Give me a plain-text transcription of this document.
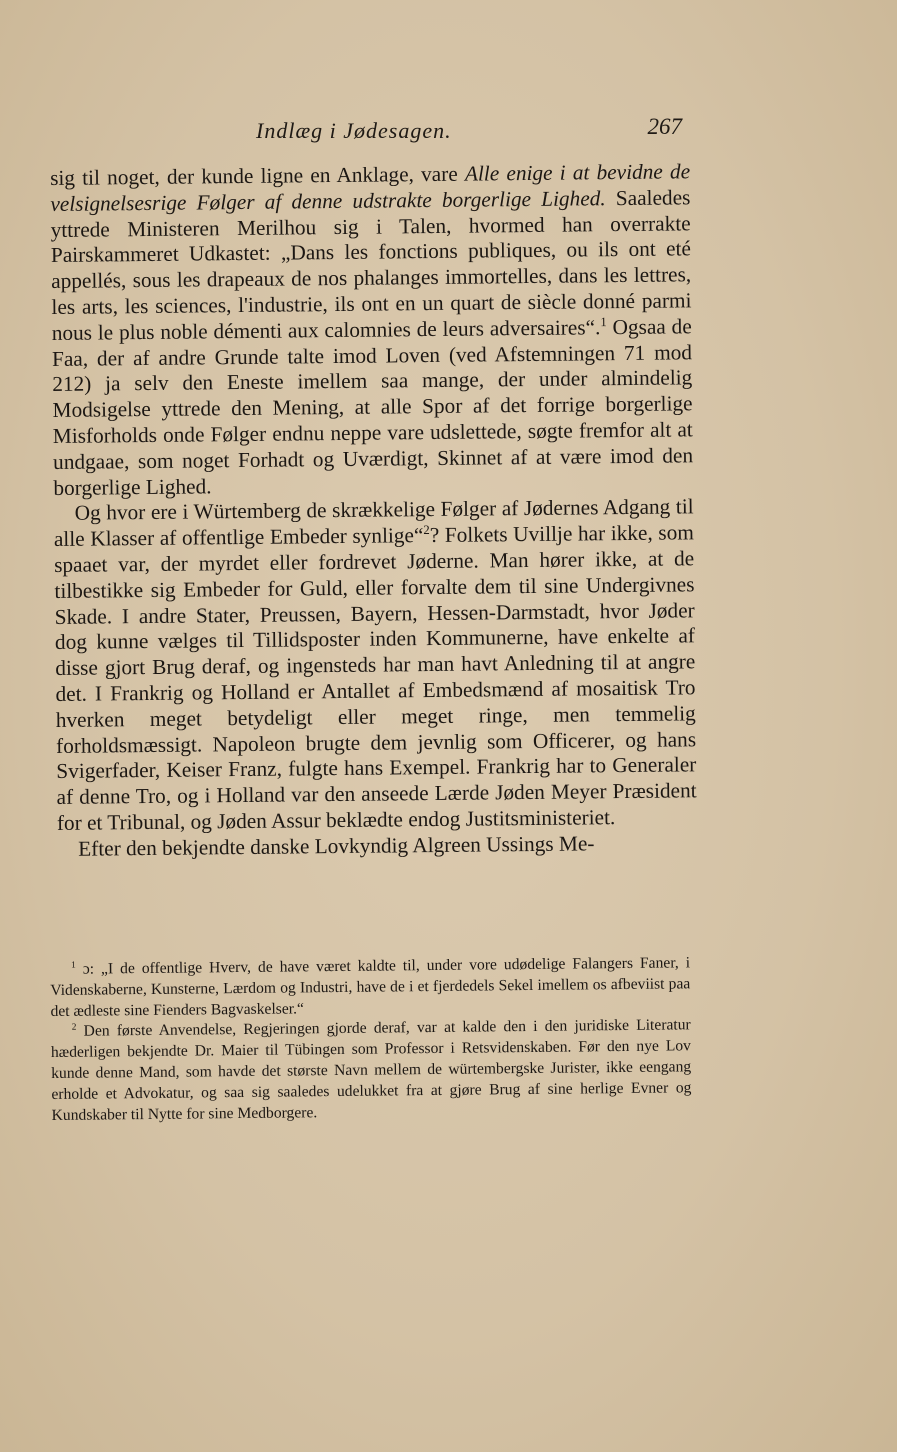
Indlæg i Jødesagen.	267

sig til noget, der kunde ligne en Anklage, vare Alle enige i at bevidne de velsignelsesrige Følger af denne udstrakte borgerlige Lighed. Saaledes yttrede Ministeren Merilhou sig i Talen, hvormed han overrakte Pairskammeret Udkastet: „Dans les fonctions publiques, ou ils ont eté appellés, sous les drapeaux de nos phalanges immortelles, dans les lettres, les arts, les sciences, l'industrie, ils ont en un quart de siècle donné parmi nous le plus noble démenti aux calomnies de leurs adversaires“.$^1$ Ogsaa de Faa, der af andre Grunde talte imod Loven (ved Afstemningen 71 mod 212) ja selv den Eneste imellem saa mange, der under almindelig Modsigelse yttrede den Mening, at alle Spor af det forrige borgerlige Misforholds onde Følger endnu neppe vare udslettede, søgte fremfor alt at undgaae, som noget Forhadt og Uværdigt, Skinnet af at være imod den borgerlige Lighed.

Og hvor ere i Würtemberg de skrækkelige Følger af Jødernes Adgang til alle Klasser af offentlige Embeder synlige“$^2$? Folkets Uvillje har ikke, som spaaet var, der myrdet eller fordrevet Jøderne. Man hører ikke, at de tilbestikke sig Embeder for Guld, eller forvalte dem til sine Undergivnes Skade. I andre Stater, Preussen, Bayern, Hessen-Darmstadt, hvor Jøder dog kunne vælges til Tillidsposter inden Kommunerne, have enkelte af disse gjort Brug deraf, og ingensteds har man havt Anledning til at angre det. I Frankrig og Holland er Antallet af Embedsmænd af mosaitisk Tro hverken meget betydeligt eller meget ringe, men temmelig forholdsmæssigt. Napoleon brugte dem jevnlig som Officerer, og hans Svigerfader, Keiser Franz, fulgte hans Exempel. Frankrig har to Generaler af denne Tro, og i Holland var den anseede Lærde Jøden Meyer Præsident for et Tribunal, og Jøden Assur beklædte endog Justitsministeriet.

Efter den bekjendte danske Lovkyndig Algreen Ussings Me-

$^1$ ɔ: „I de offentlige Hverv, de have været kaldte til, under vore udødelige Falangers Faner, i Videnskaberne, Kunsterne, Lærdom og Industri, have de i et fjerdedels Sekel imellem os afbeviist paa det ædleste sine Fienders Bagvaskelser.“

$^2$ Den første Anvendelse, Regjeringen gjorde deraf, var at kalde den i den juridiske Literatur hæderligen bekjendte Dr. Maier til Tübingen som Professor i Retsvidenskaben. Før den nye Lov kunde denne Mand, som havde det største Navn mellem de würtembergske Jurister, ikke eengang erholde et Advokatur, og saa sig saaledes udelukket fra at gjøre Brug af sine herlige Evner og Kundskaber til Nytte for sine Medborgere.
